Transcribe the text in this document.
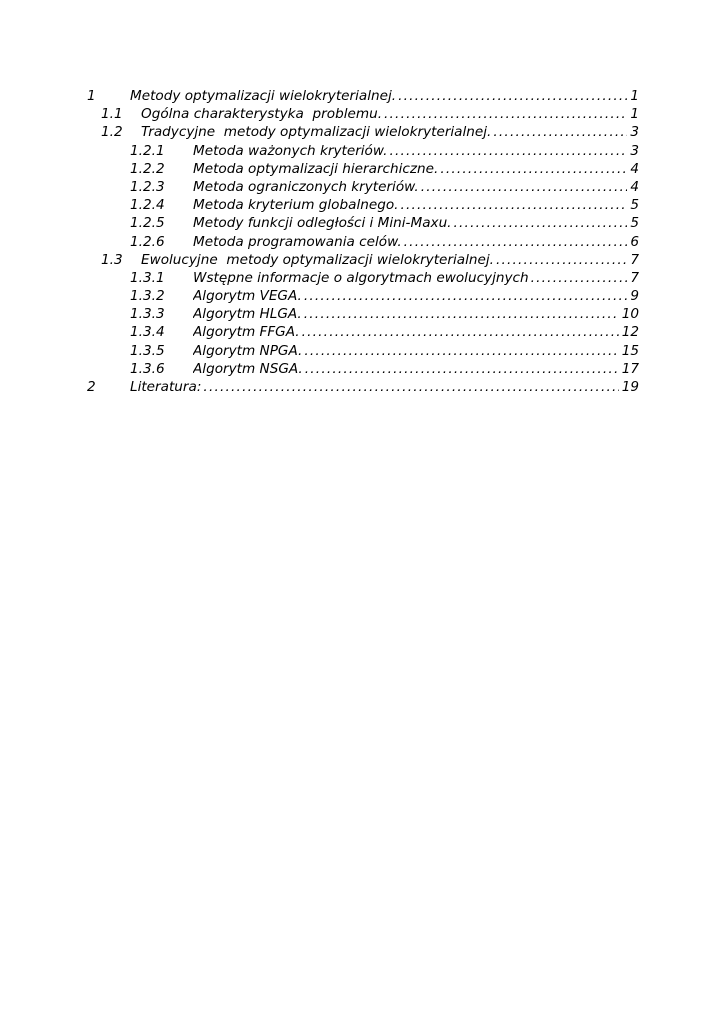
1	Metody optymalizacji wielokryterialnej. .....	1
1.1 Ogólna charakterystyka  problemu. .....	1
1.2 Tradycyjne  metody optymalizacji wielokryterialnej. .....	3
1.2.1 Metoda ważonych kryteriów. .....	3
1.2.2 Metoda optymalizacji hierarchiczne. .....	4
1.2.3 Metoda ograniczonych kryteriów. .....	4
1.2.4 Metoda kryterium globalnego. .....	5
1.2.5 Metody funkcji odległości i Mini-Maxu. .....	5
1.2.6 Metoda programowania celów. .....	6
1.3 Ewolucyjne  metody optymalizacji wielokryterialnej. .....	7
1.3.1 Wstępne informacje o algorytmach ewolucyjnych .....	7
1.3.2 Algorytm VEGA. .....	9
1.3.3 Algorytm HLGA. .....	10
1.3.4 Algorytm FFGA. .....	12
1.3.5 Algorytm NPGA. .....	15
1.3.6 Algorytm NSGA. .....	17
2	Literatura: .....	19
